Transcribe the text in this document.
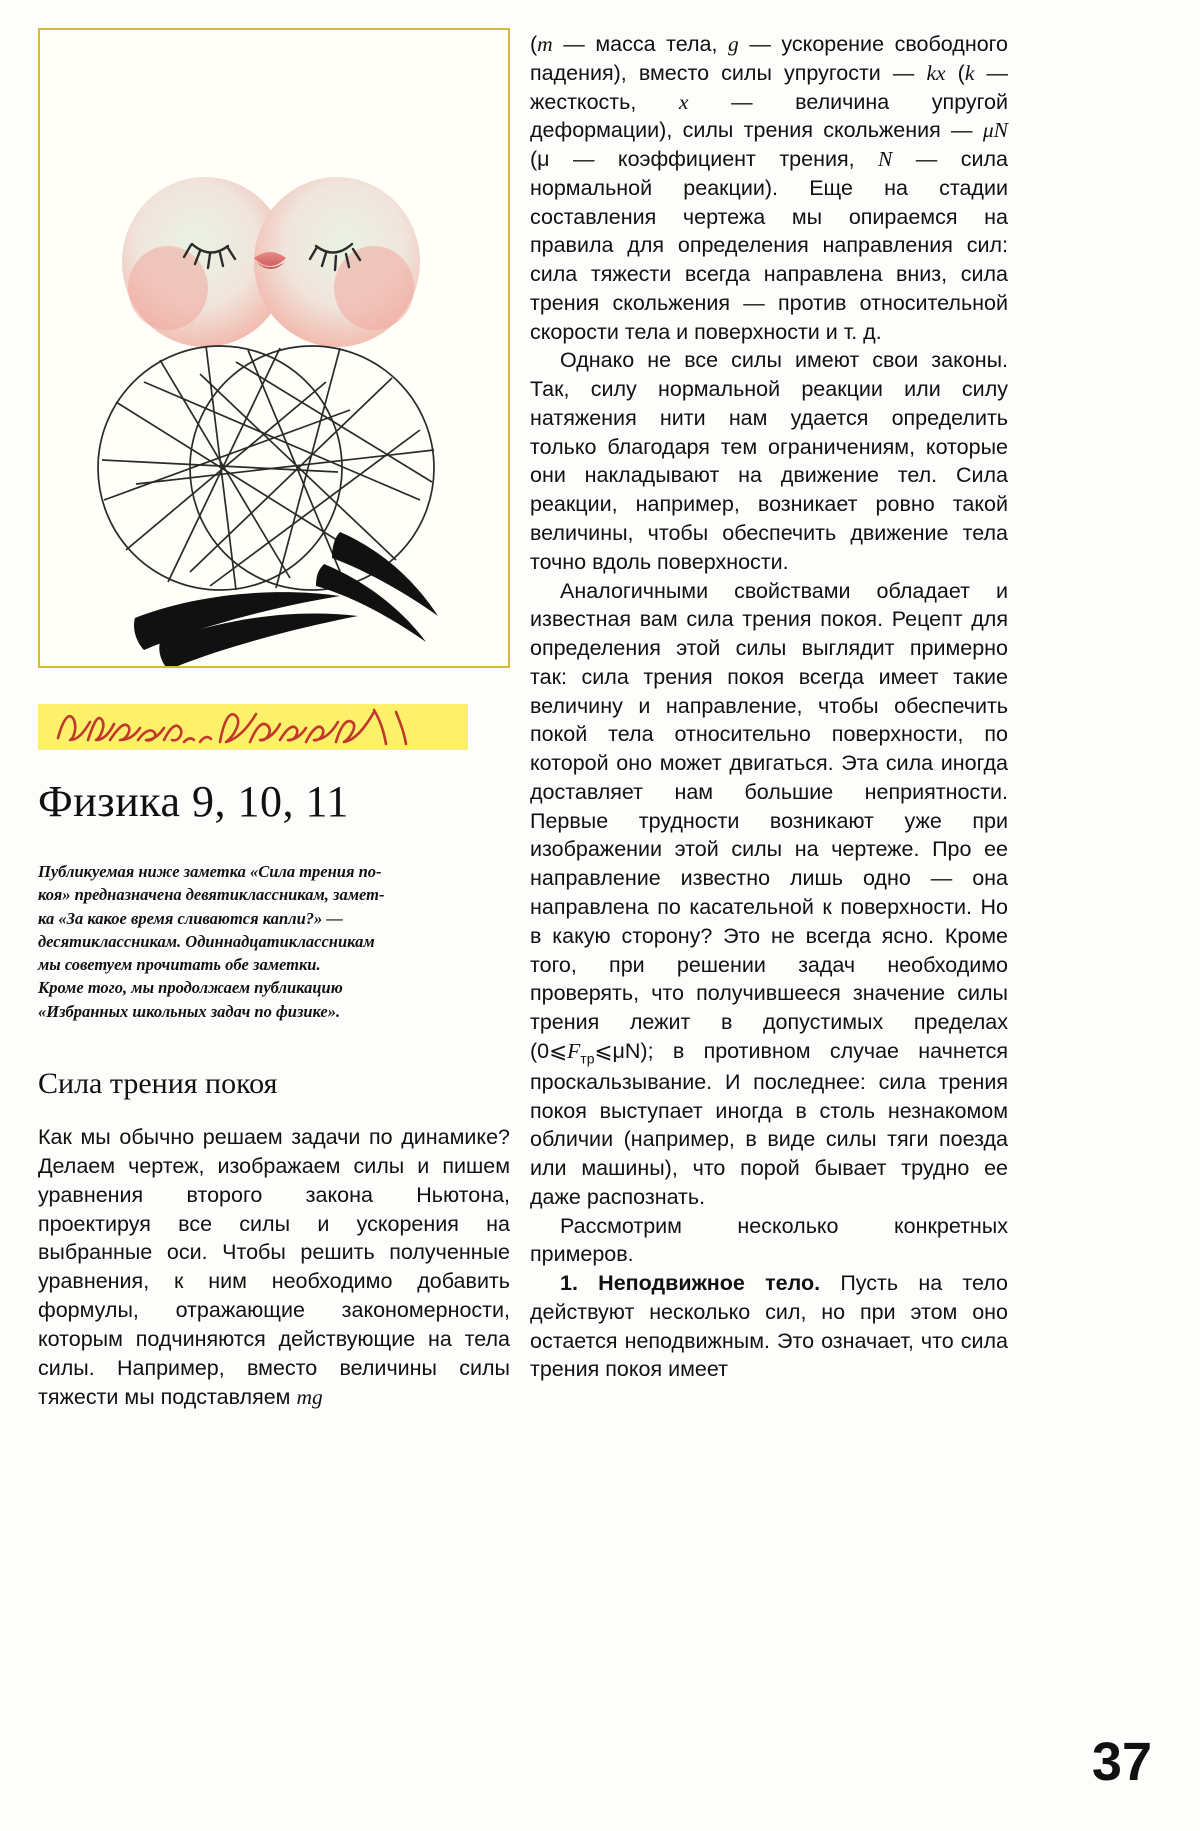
Физика 9, 10, 11

Публикуемая ниже заметка «Сила трения по-

коя» предназначена девятиклассникам, замет-

ка «За какое время сливаются капли?» —

десятиклассникам. Одиннадцатиклассникам

мы советуем прочитать обе заметки.

Кроме того, мы продолжаем публикацию

«Избранных школьных задач по физике».

Сила трения покоя

Как мы обычно решаем задачи по динамике? Делаем чертеж, изображаем силы и пишем уравнения второго закона Ньютона, проектируя все силы и ускорения на выбранные оси. Чтобы решить полученные уравнения, к ним необходимо добавить формулы, отражающие закономерности, которым подчиняются действующие на тела силы. Например, вместо величины силы тяжести мы подставляем mg

(m — масса тела, g — ускорение свободного падения), вместо силы упругости — kx (k — жесткость, x — величина упругой деформации), силы трения скольжения — μN (μ — коэффициент трения, N — сила нормальной реакции). Еще на стадии составления чертежа мы опираемся на правила для определения направления сил: сила тяжести всегда направлена вниз, сила трения скольжения — против относительной скорости тела и поверхности и т. д.

Однако не все силы имеют свои законы. Так, силу нормальной реакции или силу натяжения нити нам удается определить только благодаря тем ограничениям, которые они накладывают на движение тел. Сила реакции, например, возникает ровно такой величины, чтобы обеспечить движение тела точно вдоль поверхности.

Аналогичными свойствами обладает и известная вам сила трения покоя. Рецепт для определения этой силы выглядит примерно так: сила трения покоя всегда имеет такие величину и направление, чтобы обеспечить покой тела относительно поверхности, по которой оно может двигаться. Эта сила иногда доставляет нам большие неприятности. Первые трудности возникают уже при изображении этой силы на чертеже. Про ее направление известно лишь одно — она направлена по касательной к поверхности. Но в какую сторону? Это не всегда ясно. Кроме того, при решении задач необходимо проверять, что получившееся значение силы трения лежит в допустимых пределах $(0⩽F_{тр}⩽\mu N)$; в противном случае начнется проскальзывание. И последнее: сила трения покоя выступает иногда в столь незнакомом обличии (например, в виде силы тяги поезда или машины), что порой бывает трудно ее даже распознать.

Рассмотрим несколько конкретных примеров.

1. Неподвижное тело. Пусть на тело действуют несколько сил, но при этом оно остается неподвижным. Это означает, что сила трения покоя имеет

37
